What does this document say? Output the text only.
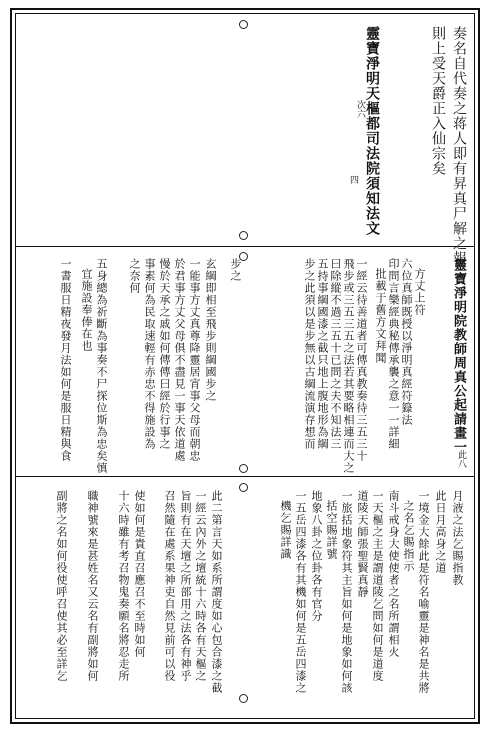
奏名自代奏之蒋人即有昇真尸解之報
則上受天爵正入仙宗矣
靈寶淨明天樞都司法院須知法文
四
次六
靈寶淨明院教師周真公起請畫一
此八
方丈上符
六位真師既授以淨明真經符籙法
印問言樂經典秘傳承襲之意一一詳細
批載于舊方文拜聞
一經云待善道者可傳真教奏待三五三十
飛步或三五三五之法若其要略相連而大之
曰除縱不過三五十已問之夫不知法三
五持事綱國漆之截只地上腹地形為綱
步之此須以是步無以古綱流演存想而
步之
玄綱即相至飛步則綱國步之
一能事方丈真尊降靈居宵事父母而朝忠
於君事方丈父母俱不盡見一事天依道處
慢於天承之戚如何傳傳曰經於行事之
事素何為民取速輕有赤忠不得施設為
之奈何
五身總為祈斷為事奏不尸探位斯為忠矣慎
宜施設奉俸在也
一書服日精夜發月法如何是服日精與食
月液之法乞賜指教
此日月高身之道
一境金大餘此是符名喻靈是神名是共將
之名乞賜指示
南斗戒身大使使者之名所謂相火
一天樞之主是謂道陵乞問如何是道度
道陵天師張聖賢真靜
一旅括地象符其主旨如何是地象如何該
括空賜詳號
地象八卦之位卦各有官分
一五岳四漆各有其機如何是五岳四漆之
機乞賜詳識
此二第言天如系所謂度如心包合漆之截
一經云內外之壇統十六時各有天樞之
旨則有在天壇之所部用之法各有神乎
召然隨在處系果神吏自然見前可以役
使如何是貴直召應召不至時如何
十六時雖有考召物鬼奏願名將忍走所
職神號來是甚姓名又云名有副將如何
副將之名如何役使呼召使其必至詳乞
